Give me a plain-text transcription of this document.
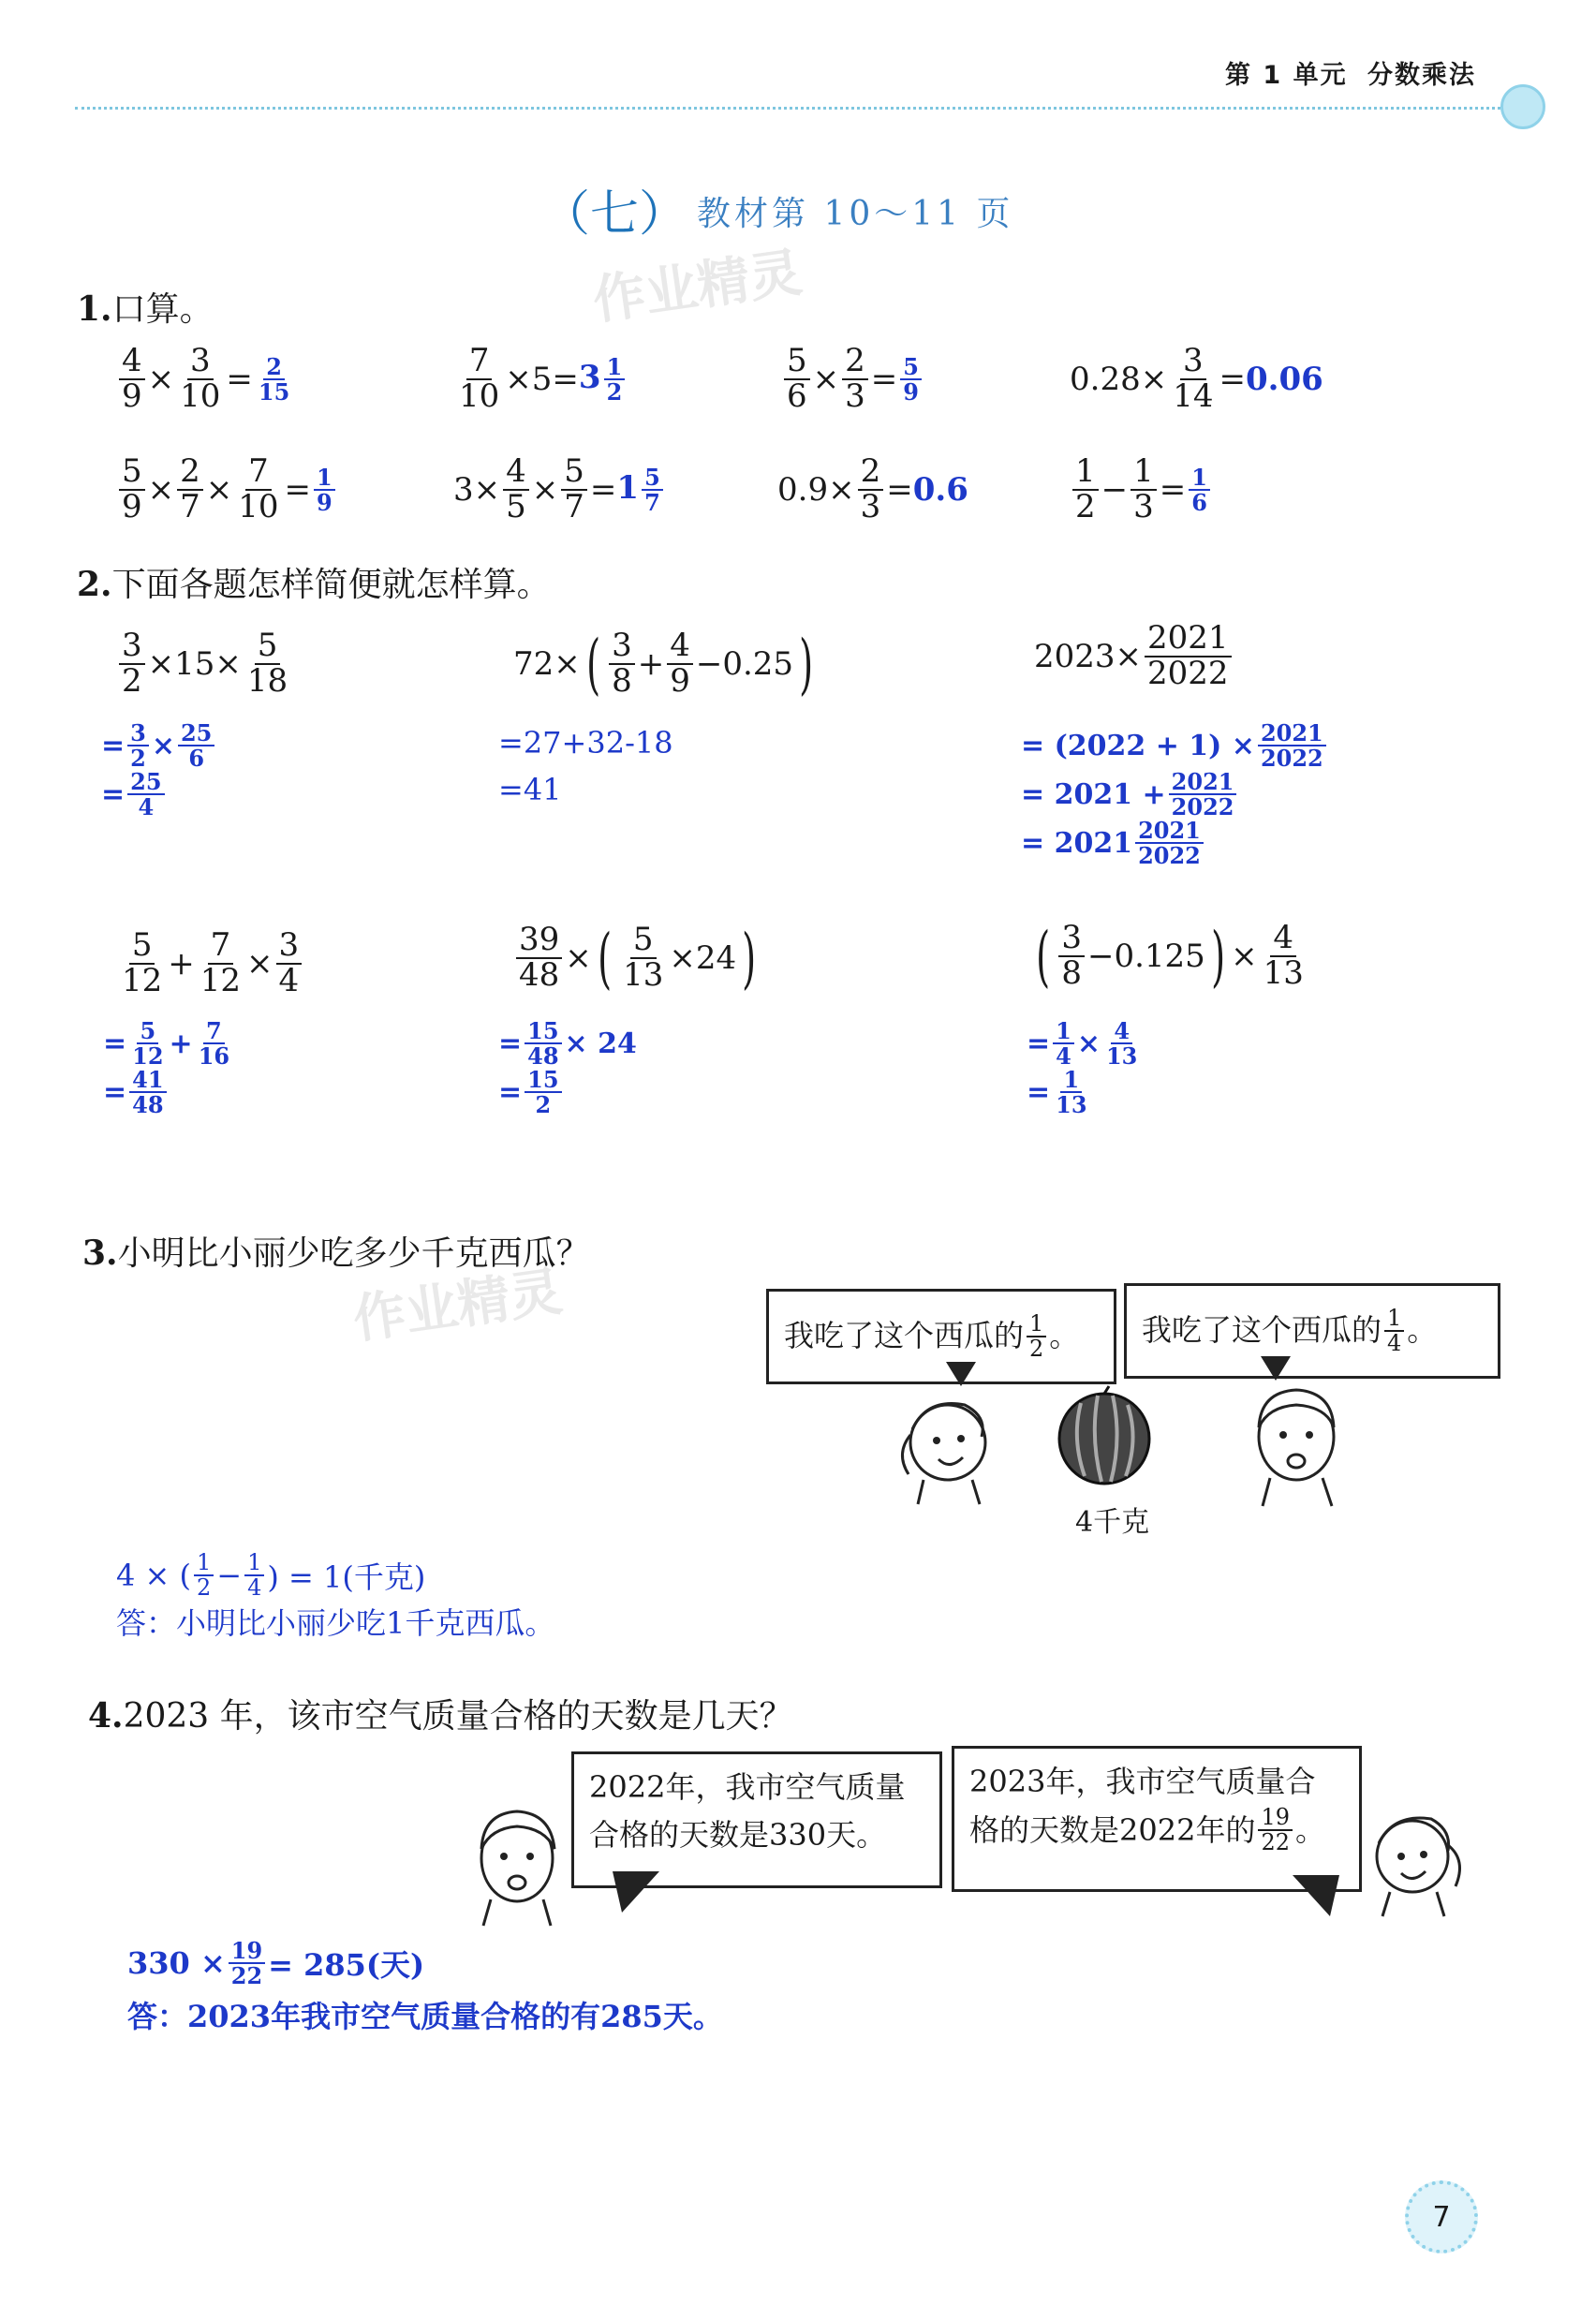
第 1 单元 分数乘法
（七） 教材第 10～11 页
作业精灵
1.口算。
$\frac{4}{9} \times \frac{3}{10} = \frac{2}{15}$	$\frac{7}{10} \times 5 = 3 \frac{1}{2}$	$\frac{5}{6} \times \frac{2}{3} = \frac{5}{9}$	$0.28\times \frac{3}{14} = 0.06$
$\frac{5}{9} \times \frac{2}{7} \times \frac{7}{10} = \frac{1}{9}$	$3\times \frac{4}{5} \times \frac{5}{7} = 1 \frac{5}{7}$	$0.9\times \frac{2}{3} = 0.6$	$\frac{1}{2} - \frac{1}{3} = \frac{1}{6}$
2.下面各题怎样简便就怎样算。
$\frac{3}{2} \times 15\times \frac{5}{18}$
= $\frac{3}{2} \times \frac{25}{6}$
= $\frac{25}{4}$
72× ( $\frac{3}{8} + \frac{4}{9} -0.25$ )
=27+32-18
=41
$2023\times \frac{2021}{2022}$
= $(2022 + 1) \times \frac{2021}{2022}$
= $2021 + \frac{2021}{2022}$
= $2021 \frac{2021}{2022}$
$\frac{5}{12} + \frac{7}{12} \times \frac{3}{4}$
= $\frac{5}{12} + \frac{7}{16}$
= $\frac{41}{48}$
$\frac{39}{48}$ × ( $\frac{5}{13} \times 24$ )
= $\frac{15}{48} \times 24$
= $\frac{15}{2}$
( $\frac{3}{8} -0.125$ ) × $\frac{4}{13}$
= $\frac{1}{4} \times \frac{4}{13}$
= $\frac{1}{13}$
3.小明比小丽少吃多少千克西瓜？
作业精灵	我吃了这个西瓜的 $\frac{1}{2}$ 。 我吃了这个西瓜的 $\frac{1}{4}$ 。
4千克
4 × ( $\frac{1}{2} - \frac{1}{4}$ ) = 1(千克)
答：小明比小丽少吃1千克西瓜。
4.2023 年，该市空气质量合格的天数是几天？
2022年，我市空气质量
合格的天数是330天。
2023年，我市空气质量合
格的天数是2022年的 $\frac{19}{22}$ 。
$330 \times \frac{19}{22} = 285$(天)
答：2023年我市空气质量合格的有285天。
7
